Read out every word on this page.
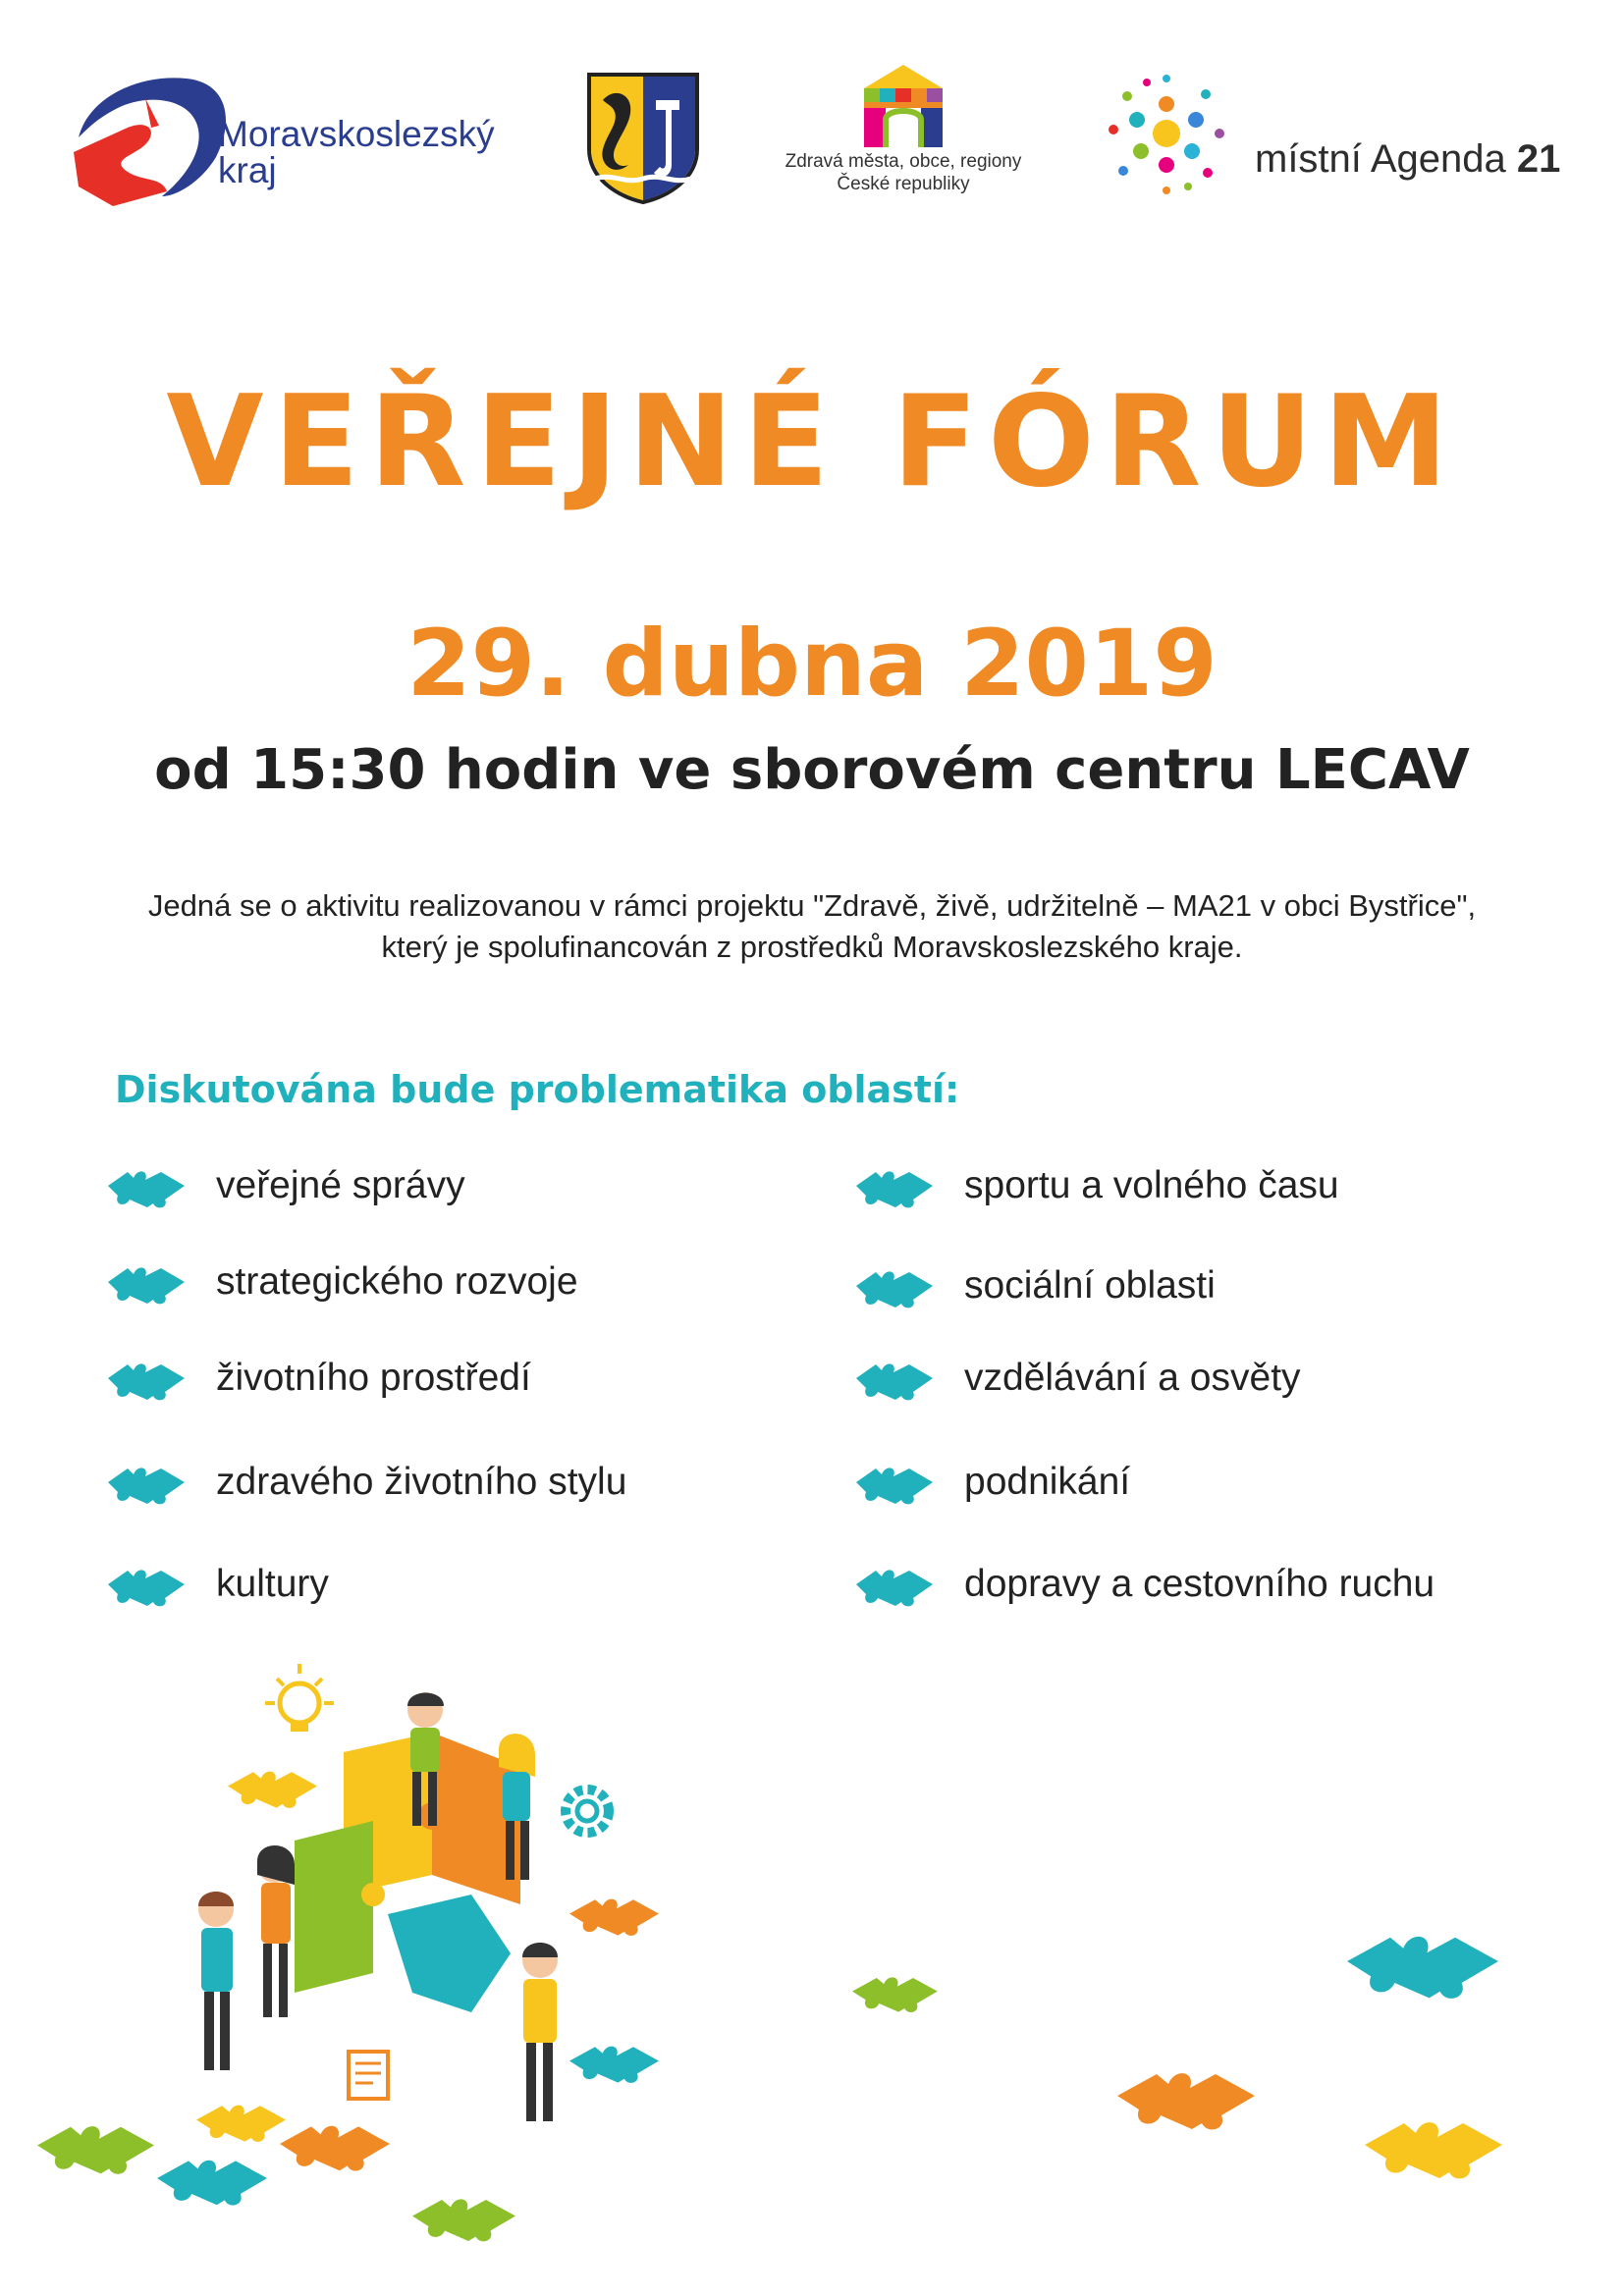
Moravskoslezský
kraj	Zdravá města, obce, regiony
České republiky
místní Agenda 21
VEŘEJNÉ FÓRUM
29. dubna 2019
od 15:30 hodin ve sborovém centru LECAV

Jedná se o aktivitu realizovanou v rámci projektu "Zdravě, živě, udržitelně – MA21 v obci Bystřice",

který je spolufinancován z prostředků Moravskoslezského kraje.

Diskutována bude problematika oblastí:
veřejné správy
strategického rozvoje
životního prostředí
zdravého životního stylu
kultury
sportu a volného času
sociální oblasti
vzdělávání a osvěty
podnikání
dopravy a cestovního ruchu
